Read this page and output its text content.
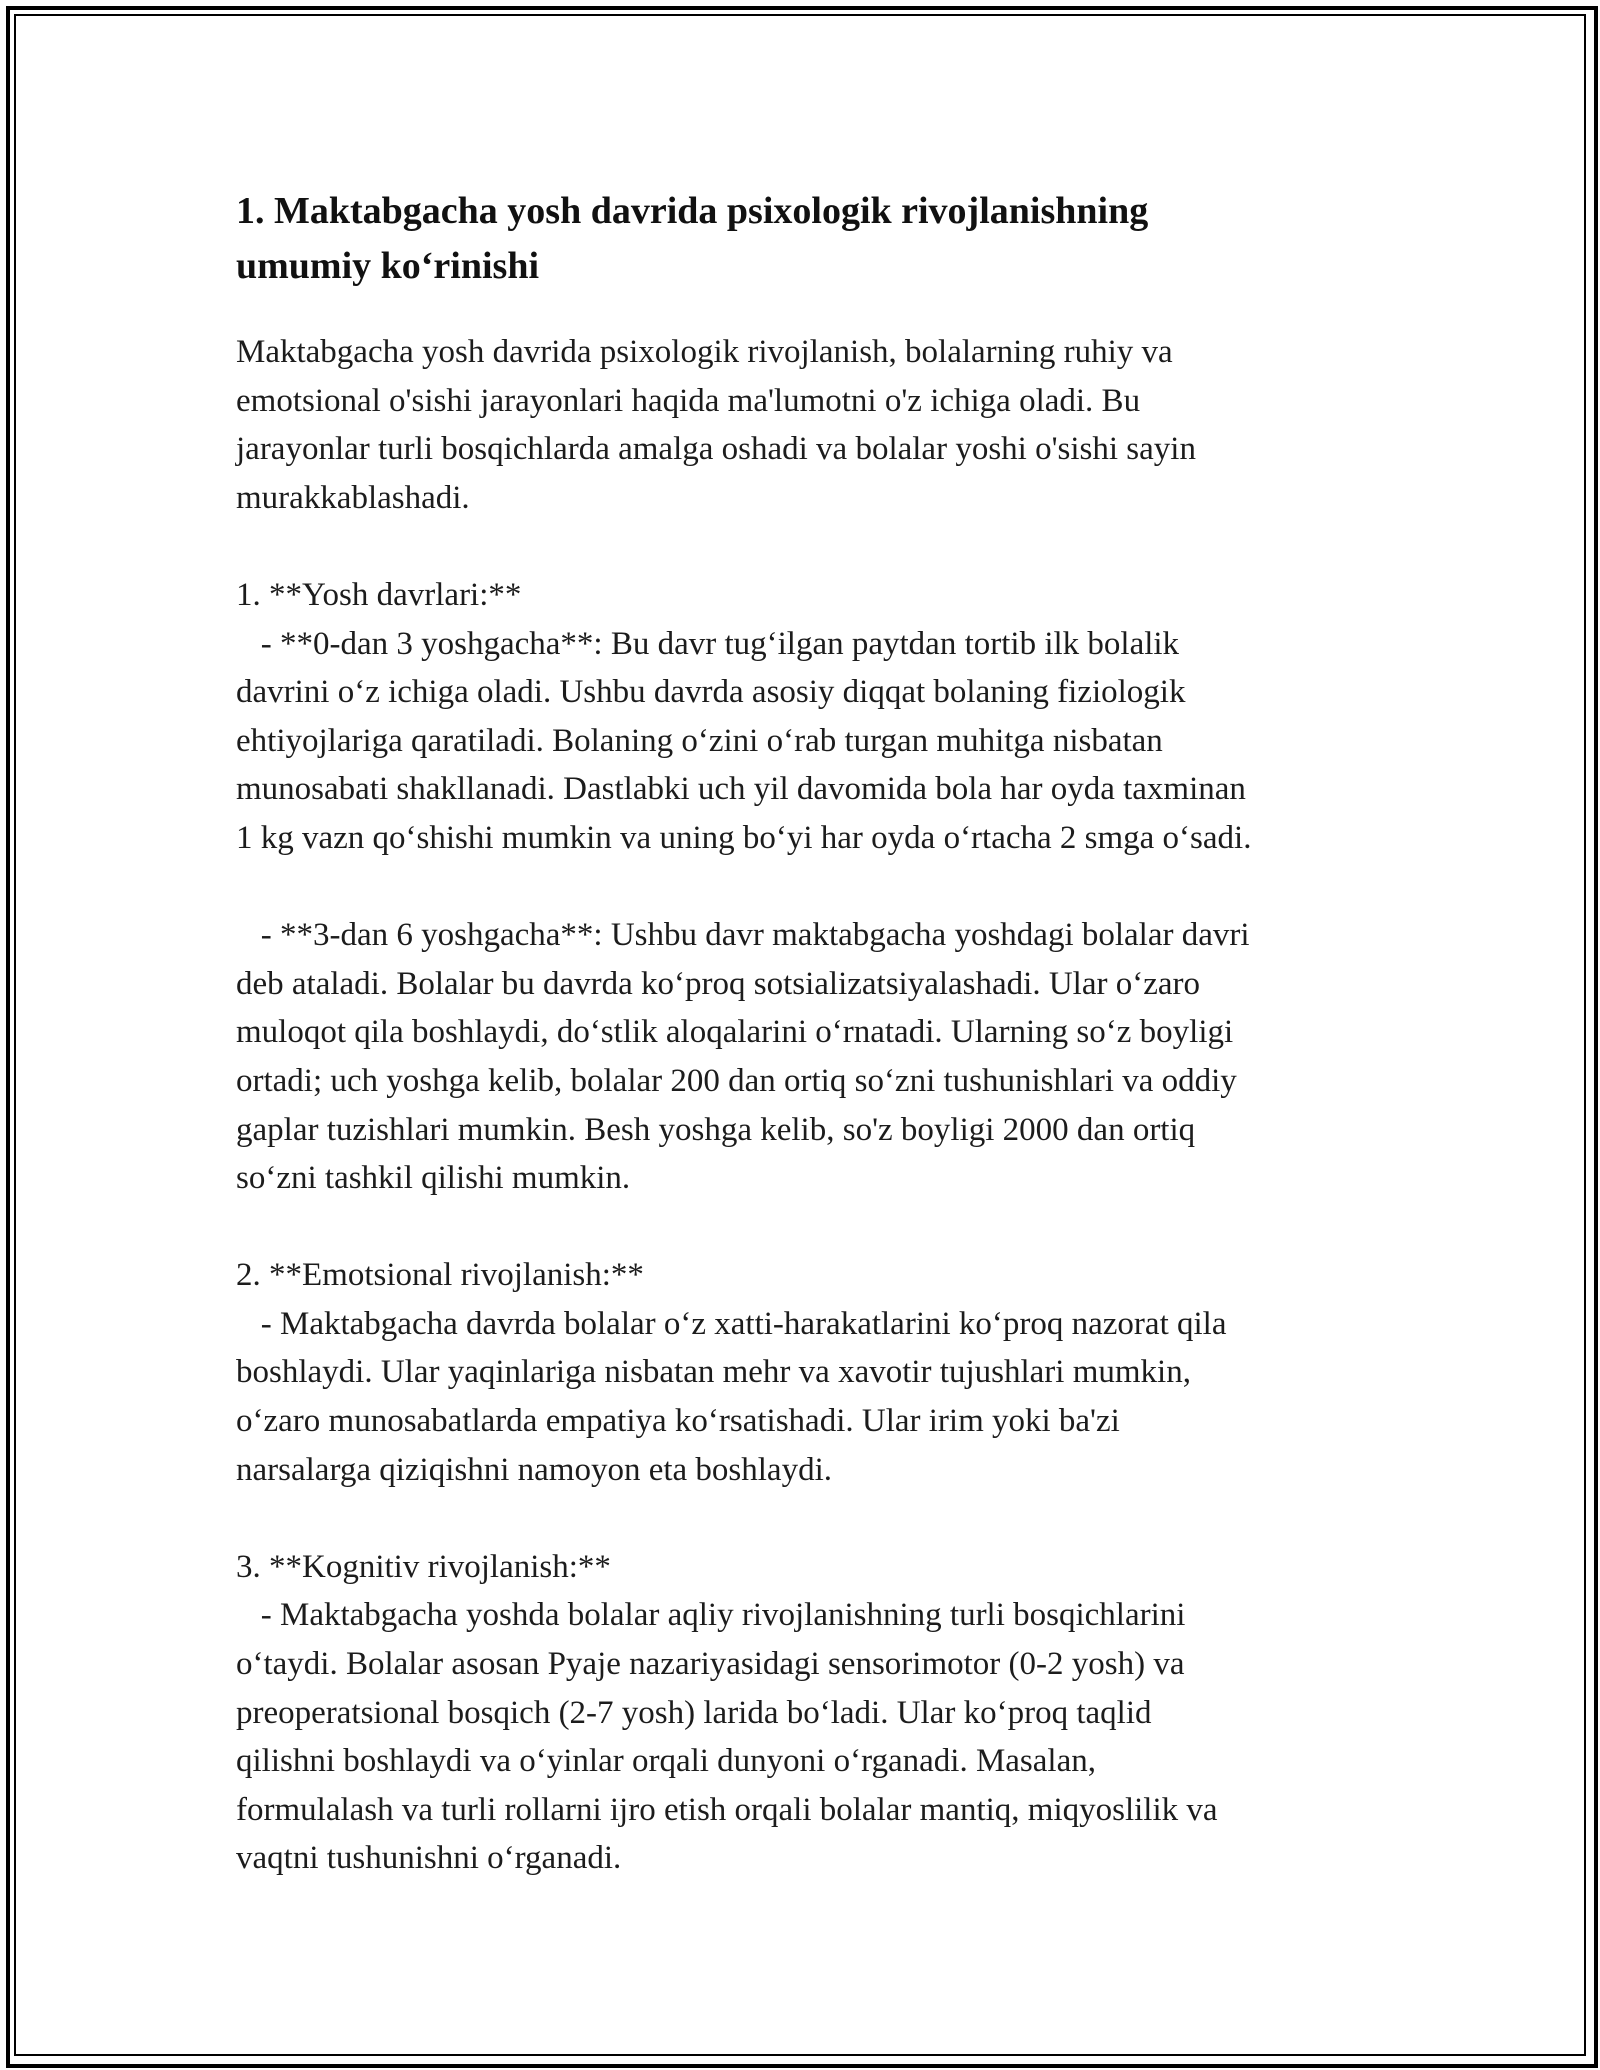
1. Maktabgacha yosh davrida psixologik rivojlanishning
umumiy ko‘rinishi

Maktabgacha yosh davrida psixologik rivojlanish, bolalarning ruhiy va
emotsional o'sishi jarayonlari haqida ma'lumotni o'z ichiga oladi. Bu
jarayonlar turli bosqichlarda amalga oshadi va bolalar yoshi o'sishi sayin
murakkablashadi.

1. **Yosh davrlari:**
- **0-dan 3 yoshgacha**: Bu davr tug‘ilgan paytdan tortib ilk bolalik
davrini o‘z ichiga oladi. Ushbu davrda asosiy diqqat bolaning fiziologik
ehtiyojlariga qaratiladi. Bolaning o‘zini o‘rab turgan muhitga nisbatan
munosabati shakllanadi. Dastlabki uch yil davomida bola har oyda taxminan
1 kg vazn qo‘shishi mumkin va uning bo‘yi har oyda o‘rtacha 2 smga o‘sadi.

- **3-dan 6 yoshgacha**: Ushbu davr maktabgacha yoshdagi bolalar davri
deb ataladi. Bolalar bu davrda ko‘proq sotsializatsiyalashadi. Ular o‘zaro
muloqot qila boshlaydi, do‘stlik aloqalarini o‘rnatadi. Ularning so‘z boyligi
ortadi; uch yoshga kelib, bolalar 200 dan ortiq so‘zni tushunishlari va oddiy
gaplar tuzishlari mumkin. Besh yoshga kelib, so'z boyligi 2000 dan ortiq
so‘zni tashkil qilishi mumkin.

2. **Emotsional rivojlanish:**
- Maktabgacha davrda bolalar o‘z xatti-harakatlarini ko‘proq nazorat qila
boshlaydi. Ular yaqinlariga nisbatan mehr va xavotir tujushlari mumkin,
o‘zaro munosabatlarda empatiya ko‘rsatishadi. Ular irim yoki ba'zi
narsalarga qiziqishni namoyon eta boshlaydi.

3. **Kognitiv rivojlanish:**
- Maktabgacha yoshda bolalar aqliy rivojlanishning turli bosqichlarini
o‘taydi. Bolalar asosan Pyaje nazariyasidagi sensorimotor (0-2 yosh) va
preoperatsional bosqich (2-7 yosh) larida bo‘ladi. Ular ko‘proq taqlid
qilishni boshlaydi va o‘yinlar orqali dunyoni o‘rganadi. Masalan,
formulalash va turli rollarni ijro etish orqali bolalar mantiq, miqyoslilik va
vaqtni tushunishni o‘rganadi.
